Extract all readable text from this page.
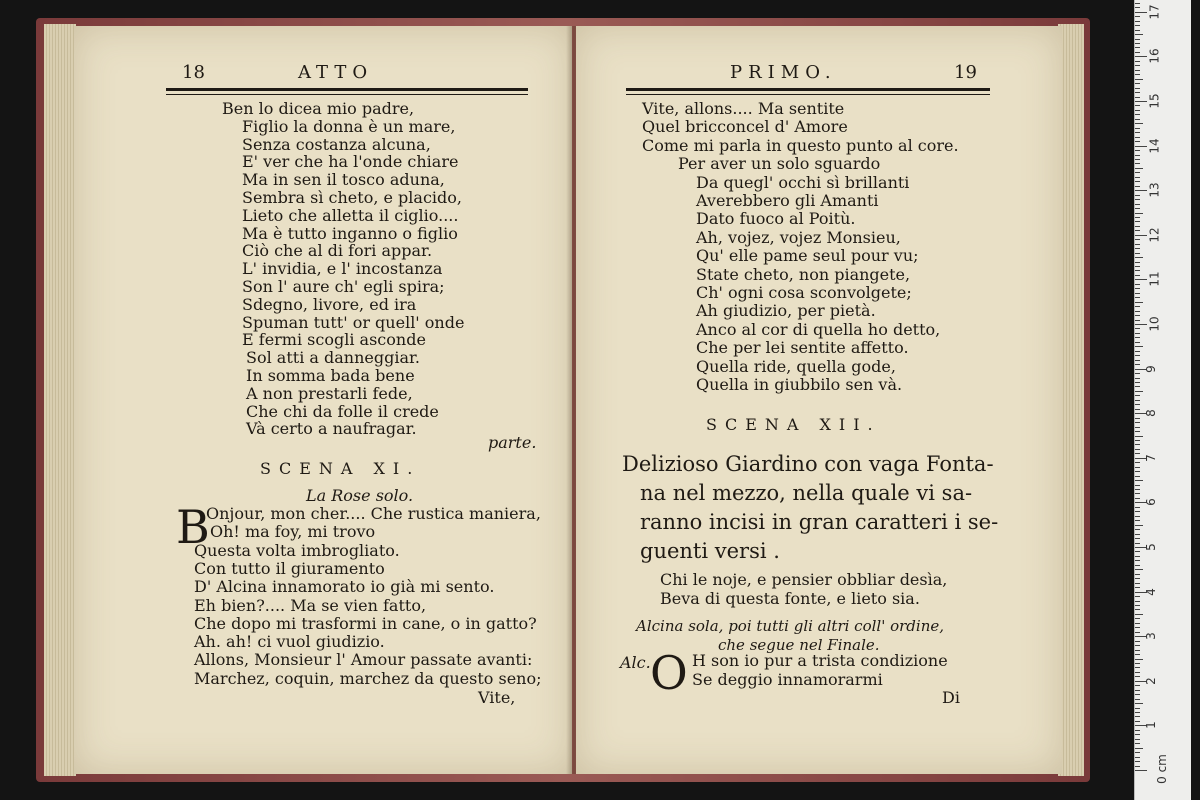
18	ATTO
Ben lo dicea mio padre,
Figlio la donna è un mare,
Senza costanza alcuna,
E' ver che ha l'onde chiare
Ma in sen il tosco aduna,
Sembra sì cheto, e placido,
Lieto che alletta il ciglio....
Ma è tutto inganno o figlio
Ciò che al di fori appar.
L' invidia, e l' incostanza
Son l' aure ch' egli spira;
Sdegno, livore, ed ira
Spuman tutt' or quell' onde
E fermi scogli asconde
Sol atti a danneggiar.
In somma bada bene
A non prestarli fede,
Che chi da folle il crede
Và certo a naufragar.
parte.
SCENA XI.
La Rose solo.
B
Onjour, mon cher.... Che rustica maniera,
Oh! ma foy, mi trovo
Questa volta imbrogliato.
Con tutto il giuramento
D' Alcina innamorato io già mi sento.
Eh bien?.... Ma se vien fatto,
Che dopo mi trasformi in cane, o in gatto?
Ah. ah! ci vuol giudizio.
Allons, Monsieur l' Amour passate avanti:
Marchez, coquin, marchez da questo seno;
Vite,
PRIMO.	19
Vite, allons.... Ma sentite
Quel bricconcel d' Amore
Come mi parla in questo punto al core.
Per aver un solo sguardo
Da quegl' occhi sì brillanti
Averebbero gli Amanti
Dato fuoco al Poitù.
Ah, vojez, vojez Monsieu,
Qu' elle pame seul pour vu;
State cheto, non piangete,
Ch' ogni cosa sconvolgete;
Ah giudizio, per pietà.
Anco al cor di quella ho detto,
Che per lei sentite affetto.
Quella ride, quella gode,
Quella in giubbilo sen và.
SCENA XII.
Delizioso Giardino con vaga Fonta-
na nel mezzo, nella quale vi sa-
ranno incisi in gran caratteri i se-
guenti versi .
Chi le noje, e pensier obbliar desìa,
Beva di questa fonte, e lieto sia.
Alcina sola, poi tutti gli altri coll' ordine,
che segue nel Finale.
Alc. O H son io pur a trista condizione
Se deggio innamorarmi
Di
1
2
3
4
5
6
7
8
9
10
11
12
13
14
15
16
17
0 cm
